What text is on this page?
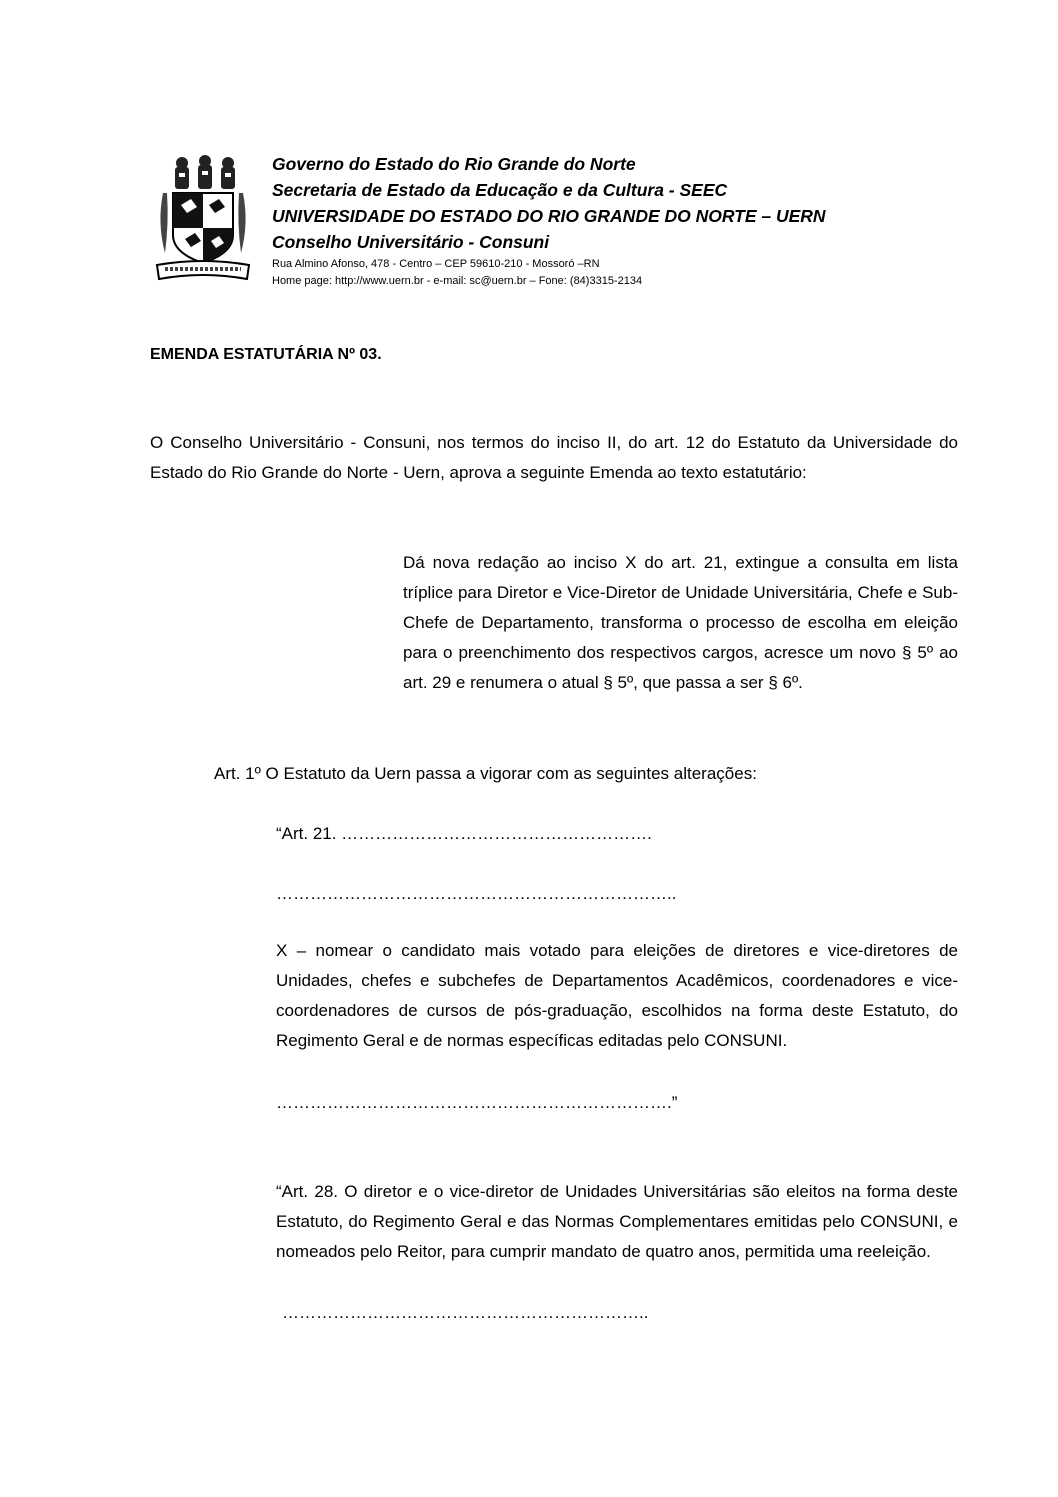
Governo do Estado do Rio Grande do Norte
Secretaria de Estado da Educação e da Cultura - SEEC
UNIVERSIDADE DO ESTADO DO RIO GRANDE DO NORTE – UERN
Conselho Universitário - Consuni
Rua Almino Afonso, 478 - Centro – CEP 59610-210 - Mossoró –RN
Home page: http://www.uern.br - e-mail: sc@uern.br – Fone: (84)3315-2134
EMENDA ESTATUTÁRIA Nº 03.
O Conselho Universitário - Consuni, nos termos do inciso II, do art. 12 do Estatuto da Universidade do Estado do Rio Grande do Norte - Uern, aprova a seguinte Emenda ao texto estatutário:
Dá nova redação ao inciso X do art. 21, extingue a consulta em lista tríplice para Diretor e Vice-Diretor de Unidade Universitária, Chefe e Sub-Chefe de Departamento, transforma o processo de escolha em eleição para o preenchimento dos respectivos cargos, acresce um novo § 5º ao art. 29 e renumera o atual § 5º, que passa a ser § 6º.
Art. 1º O Estatuto da Uern passa a vigorar com as seguintes alterações:
“Art. 21. ……………………………………………….
……………………………………………………………..
X – nomear o candidato mais votado para eleições de diretores e vice-diretores de Unidades, chefes e subchefes de Departamentos Acadêmicos, coordenadores e vice-coordenadores de cursos de pós-graduação, escolhidos na forma deste Estatuto, do Regimento Geral e de normas específicas editadas pelo CONSUNI.
…………………………………………………………….”
“Art. 28. O diretor e o vice-diretor de Unidades Universitárias são eleitos na forma deste Estatuto, do Regimento Geral e das Normas Complementares emitidas pelo CONSUNI, e nomeados pelo Reitor, para cumprir mandato de quatro anos, permitida uma reeleição.
………………………………………………………..
